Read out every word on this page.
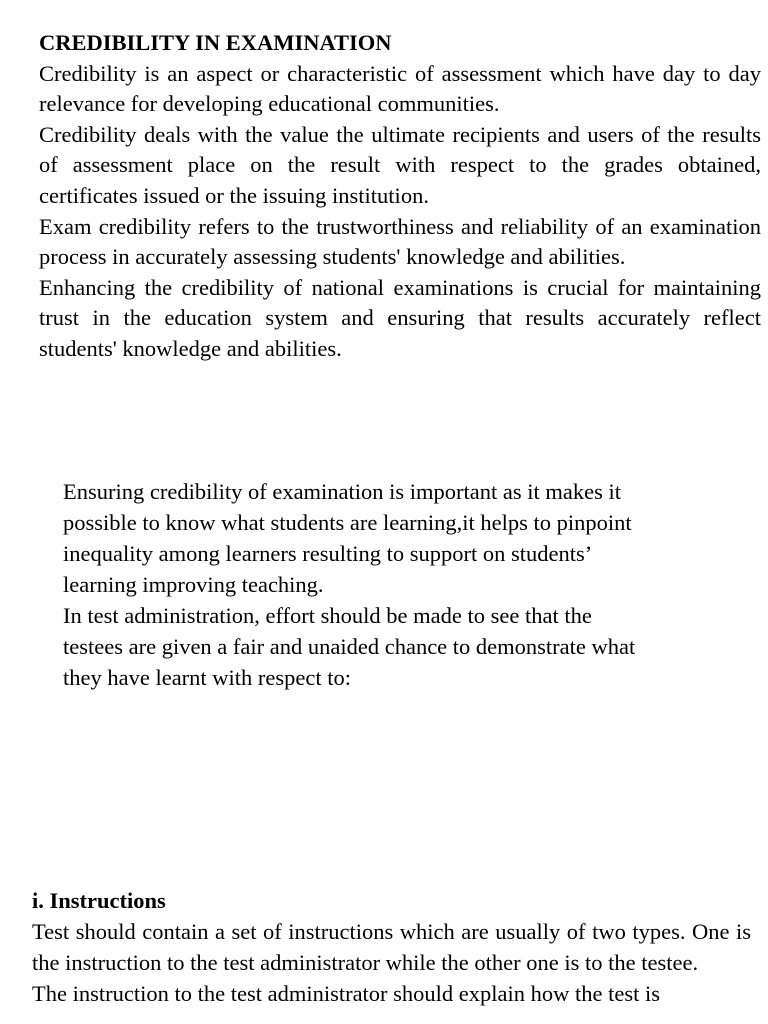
CREDIBILITY IN EXAMINATION

Credibility is an aspect or characteristic of assessment which have day to day relevance for developing educational communities.

Credibility deals with the value the ultimate recipients and users of the results of assessment place on the result with respect to the grades obtained, certificates issued or the issuing institution.

Exam credibility refers to the trustworthiness and reliability of an examination process in accurately assessing students' knowledge and abilities.

Enhancing the credibility of national examinations is crucial for maintaining trust in the education system and ensuring that results accurately reflect students' knowledge and abilities.

Ensuring credibility of examination is important as it makes it
possible to know what students are learning,it helps to pinpoint
inequality among learners resulting to support on students’
learning improving teaching.
In test administration, effort should be made to see that the
testees are given a fair and unaided chance to demonstrate what
they have learnt with respect to:

i. Instructions

Test should contain a set of instructions which are usually of two types. One is the instruction to the test administrator while the other one is to the testee.

The instruction to the test administrator should explain how the test is
